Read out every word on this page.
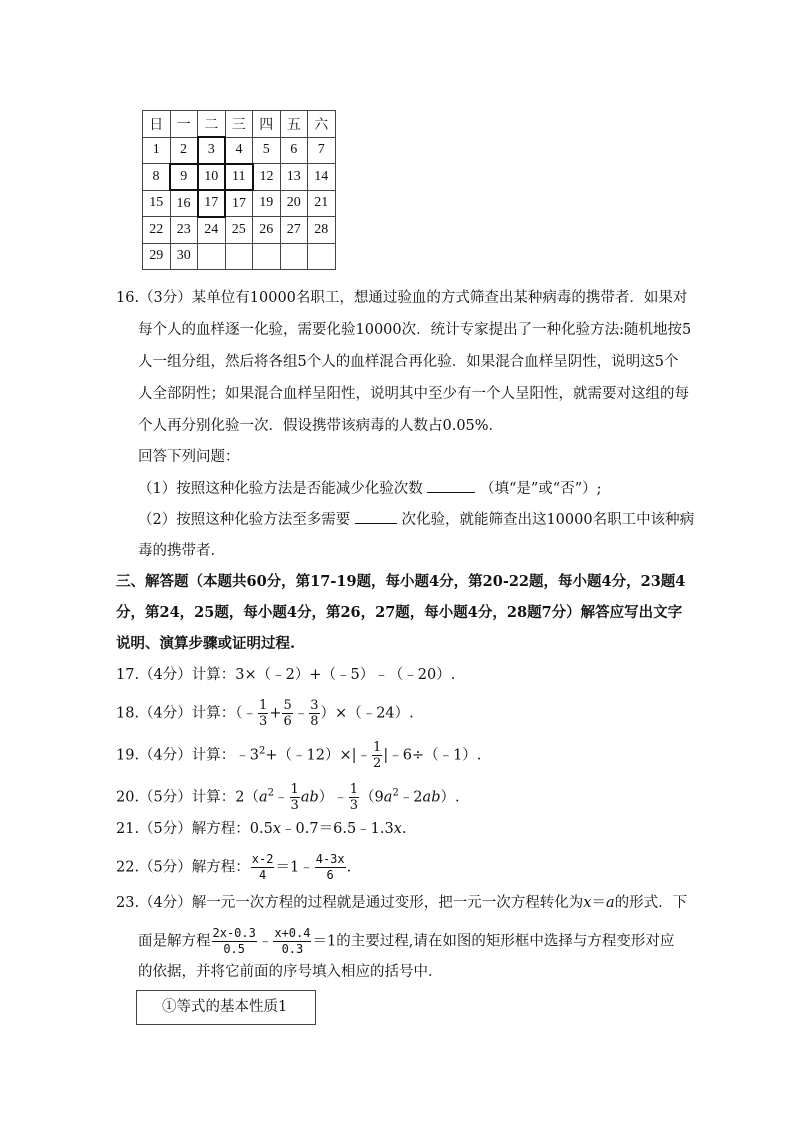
日	一	二	三	四	五	六
1	2	3	4	5	6	7
8	9	10	11	12	13	14
15	16	17	17	19	20	21
22	23	24	25	26	27	28
29	30					
16.（3分）某单位有10000名职工，想通过验血的方式筛查出某种病毒的携带者．如果对
每个人的血样逐一化验，需要化验10000次．统计专家提出了一种化验方法:随机地按5
人一组分组，然后将各组5个人的血样混合再化验．如果混合血样呈阴性，说明这5个
人全部阴性；如果混合血样呈阳性，说明其中至少有一个人呈阳性，就需要对这组的每
个人再分别化验一次．假设携带该病毒的人数占0.05%．
回答下列问题：
（1）按照这种化验方法是否能减少化验次数	（填“是”或“否”）;
（2）按照这种化验方法至多需要	次化验，就能筛查出这10000名职工中该种病
毒的携带者．
三、解答题（本题共60分，第17-19题，每小题4分，第20-22题，每小题4分，23题4
分，第24，25题，每小题4分，第26，27题，每小题4分，28题7分）解答应写出文字
说明、演算步骤或证明过程.
17.（4分）计算：3×（﹣2）+（﹣5）﹣（﹣20）.
18.（4分）计算：（﹣ $\frac{1}{3} + \frac{5}{6}$ ﹣ $\frac{3}{8}$ ）×（﹣24）.
19.（4分）计算：$﹣3^2+(﹣12)\times|﹣ \frac{1}{2}$ |﹣6÷（﹣1）.
20.（5分）计算：$2(a^2﹣ \frac{1}{3}$ ab）﹣ $\frac{1}{3}$ $(9a^2﹣2ab)$.
21.（5分）解方程：0.5x﹣0.7＝6.5﹣1.3x.
22.（5分）解方程： $\frac{x-2}{4}$ ＝1﹣ $\frac{4-3x}{6}$ .
23.（4分）解一元一次方程的过程就是通过变形，把一元一次方程转化为x＝a的形式．下
面是解方程 $\frac{2x-0.3}{0.5}$ ﹣ $\frac{x+0.4}{0.3} =1$的主要过程,请在如图的矩形框中选择与方程变形对应
的依据，并将它前面的序号填入相应的括号中．
①等式的基本性质1
